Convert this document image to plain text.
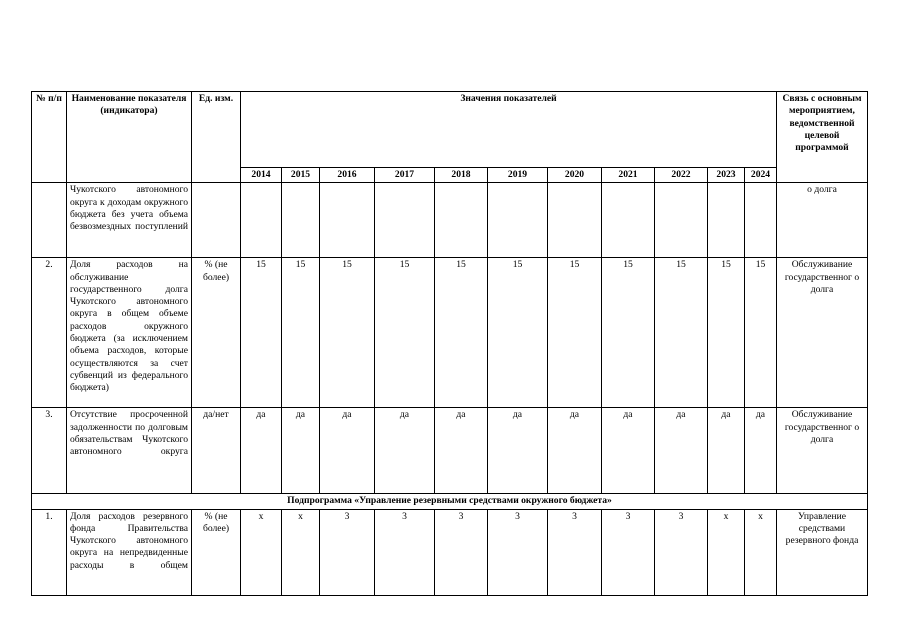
№ п/п	Наименование показателя (индикатора)	Ед. изм.	Значения показателей											Связь с основным мероприятием, ведомственной целевой программой
			2014	2015	2016	2017	2018	2019	2020	2021	2022	2023	2024	
	Чукотского автономного округа к доходам окружного бюджета без учета объема безвозмездных поступлений													о долга
2.	Доля расходов на обслуживание государственного долга Чукотского автономного округа в общем объеме расходов окружного бюджета (за исключением объема расходов, которые осуществляются за счет субвенций из федерального бюджета)	% (не более)	15	15	15	15	15	15	15	15	15	15	15	Обслуживание государственног о долга
3.	Отсутствие просроченной задолженности по долговым обязательствам Чукотского автономного округа	да/нет	да	да	да	да	да	да	да	да	да	да	да	Обслуживание государственног о долга
Подпрограмма «Управление резервными средствами окружного бюджета»														
1.	Доля расходов резервного фонда Правительства Чукотского автономного округа на непредвиденные расходы в общем	% (не более)	х	х	3	3	3	3	3	3	3	х	х	Управление средствами резервного фонда
